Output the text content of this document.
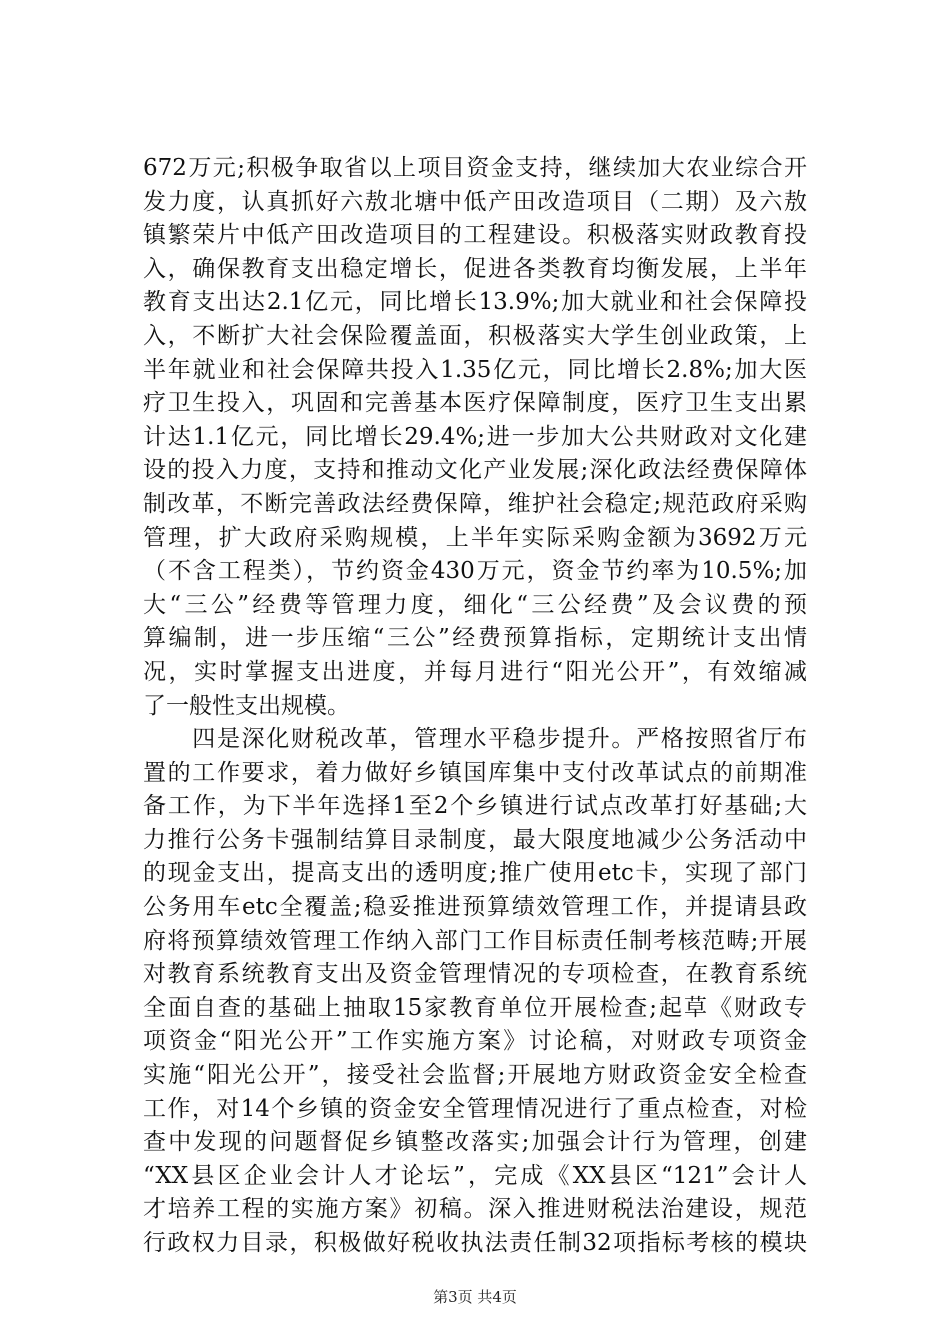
672万元;积极争取省以上项目资金支持，继续加大农业综合开
发力度，认真抓好六敖北塘中低产田改造项目（二期）及六敖
镇繁荣片中低产田改造项目的工程建设。积极落实财政教育投
入，确保教育支出稳定增长，促进各类教育均衡发展，上半年
教育支出达2.1亿元，同比增长13.9%;加大就业和社会保障投
入，不断扩大社会保险覆盖面，积极落实大学生创业政策，上
半年就业和社会保障共投入1.35亿元，同比增长2.8%;加大医
疗卫生投入，巩固和完善基本医疗保障制度，医疗卫生支出累
计达1.1亿元，同比增长29.4%;进一步加大公共财政对文化建
设的投入力度，支持和推动文化产业发展;深化政法经费保障体
制改革，不断完善政法经费保障，维护社会稳定;规范政府采购
管理，扩大政府采购规模，上半年实际采购金额为3692万元
（不含工程类），节约资金430万元，资金节约率为10.5%;加
大“三公”经费等管理力度，细化“三公经费”及会议费的预
算编制，进一步压缩“三公”经费预算指标，定期统计支出情
况，实时掌握支出进度，并每月进行“阳光公开”，有效缩减
了一般性支出规模。
　　四是深化财税改革，管理水平稳步提升。严格按照省厅布
置的工作要求，着力做好乡镇国库集中支付改革试点的前期准
备工作，为下半年选择1至2个乡镇进行试点改革打好基础;大
力推行公务卡强制结算目录制度，最大限度地减少公务活动中
的现金支出，提高支出的透明度;推广使用etc卡，实现了部门
公务用车etc全覆盖;稳妥推进预算绩效管理工作，并提请县政
府将预算绩效管理工作纳入部门工作目标责任制考核范畴;开展
对教育系统教育支出及资金管理情况的专项检查，在教育系统
全面自查的基础上抽取15家教育单位开展检查;起草《财政专
项资金“阳光公开”工作实施方案》讨论稿，对财政专项资金
实施“阳光公开”，接受社会监督;开展地方财政资金安全检查
工作，对14个乡镇的资金安全管理情况进行了重点检查，对检
查中发现的问题督促乡镇整改落实;加强会计行为管理，创建
“XX县区企业会计人才论坛”，完成《XX县区“121”会计人
才培养工程的实施方案》初稿。深入推进财税法治建设，规范
行政权力目录，积极做好税收执法责任制32项指标考核的模块
第3页 共4页
